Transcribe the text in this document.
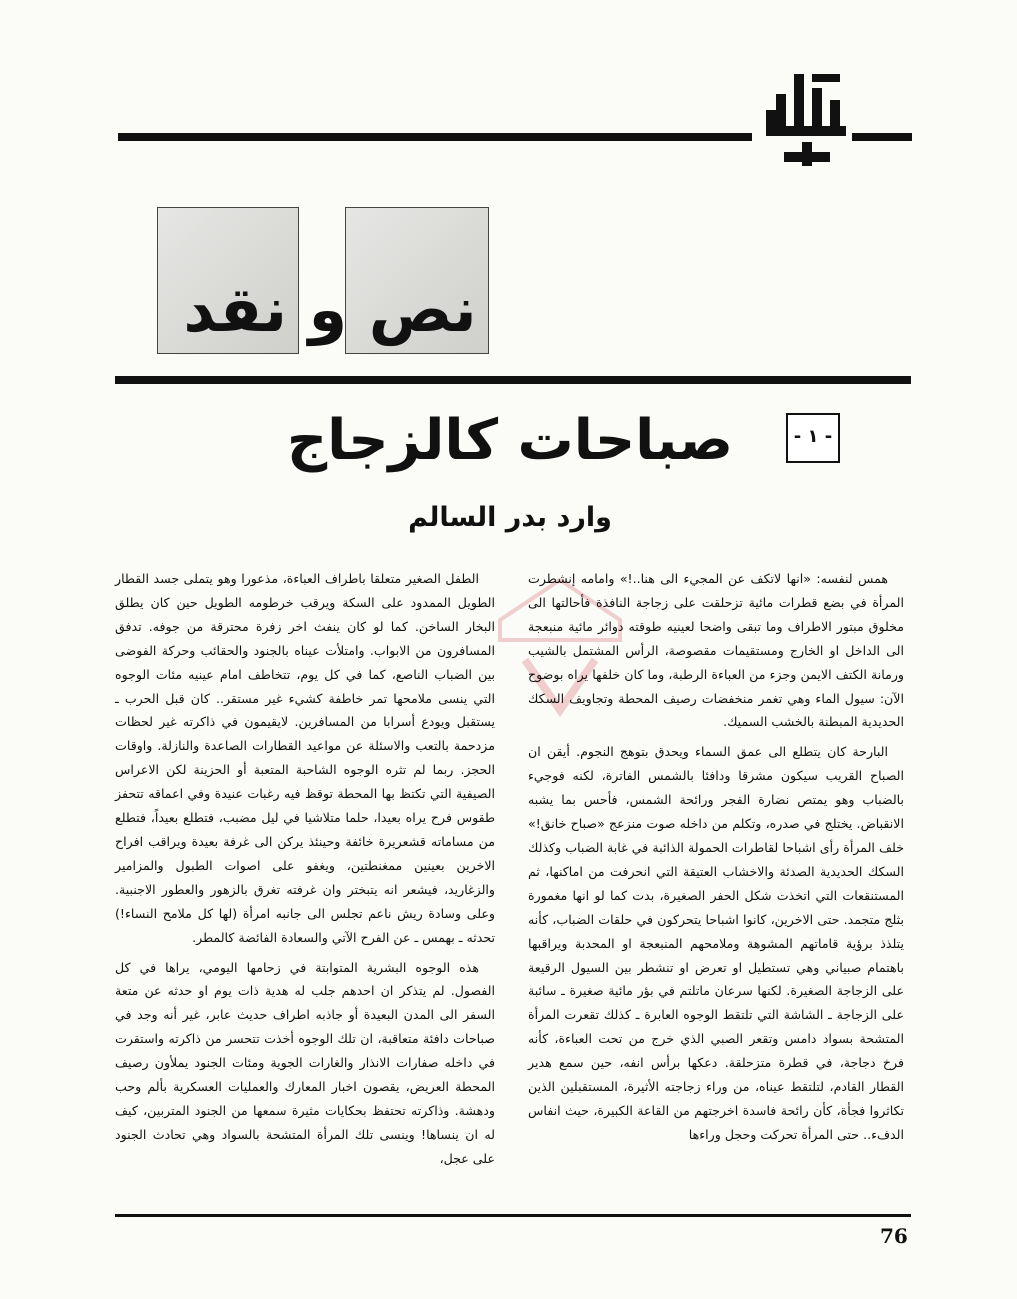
نص و نقد
- ١ -
صباحات كالزجاج
وارد بدر السالم

همس لنفسه: «انها لاتكف عن المجيء الى هنا..!» وامامه إنشطرت المرأة في بضع قطرات مائية تزحلقت على زجاجة النافذة فأحالتها الى مخلوق مبتور الاطراف وما تبقى واضحا لعينيه طوقته دوائر مائية منبعجة الى الداخل او الخارج ومستقيمات مقصوصة، الرأس المشتمل بالشيب ورمانة الكتف الايمن وجزء من العباءة الرطبة، وما كان خلفها يراه بوضوح الآن: سيول الماء وهي تغمر منخفضات رصيف المحطة وتجاويف السكك الحديدية المبطنة بالخشب السميك.

البارحة كان يتطلع الى عمق السماء ويحدق بتوهج النجوم. أيقن ان الصباح القريب سيكون مشرقا ودافئا بالشمس الفاترة، لكنه فوجيء بالضباب وهو يمتص نضارة الفجر ورائحة الشمس، فأحس بما يشبه الانقباض. يختلج في صدره، وتكلم من داخله صوت منزعج «صباح خانق!» خلف المرأة رأى اشباحا لقاطرات الحمولة الذائبة في غابة الضباب وكذلك السكك الحديدية الصدئة والاخشاب العتيقة التي انحرفت من اماكنها، ثم المستنقعات التي اتخذت شكل الحفر الصغيرة، بدت كما لو انها مغمورة بثلج متجمد. حتى الاخرين، كانوا اشباحا يتحركون في حلقات الضباب، كأنه يتلذذ برؤية قاماتهم المشوهة وملامحهم المنبعجة او المحدبة ويراقبها باهتمام صبياني وهي تستطيل او تعرض او تنشطر بين السيول الرقيعة على الزجاجة الصغيرة. لكنها سرعان ماتلتم في بؤر مائية صغيرة ـ سائبة على الزجاجة ـ الشاشة التي تلتقط الوجوه العابرة ـ كذلك تقعرت المرأة المتشحة بسواد دامس وتقعر الصبي الذي خرج من تحت العباءة، كأنه فرخ دجاجة، في قطرة متزحلقة. دعكها برأس انفه، حين سمع هدير القطار القادم، لتلتقط عيناه، من وراء زجاجته الأثيرة، المستقبلين الذين تكاثروا فجأة، كأن رائحة فاسدة اخرجتهم من القاعة الكبيرة، حيث انفاس الدفء.. حتى المرأة تحركت وحجل وراءها

الطفل الصغير متعلقا باطراف العباءة، مذعورا وهو يتملى جسد القطار الطويل الممدود على السكة ويرقب خرطومه الطويل حين كان يطلق البخار الساخن. كما لو كان ينفث اخر زفرة محترقة من جوفه. تدفق المسافرون من الابواب. وامتلأت عيناه بالجنود والحقائب وحركة الفوضى بين الضباب الناصع، كما في كل يوم، تتخاطف امام عينيه مئات الوجوه التي ينسى ملامحها تمر خاطفة كشيء غير مستقر.. كان قبل الحرب ـ يستقبل ويودع أسرابا من المسافرين. لايقيمون في ذاكرته غير لحظات مزدحمة بالتعب والاسئلة عن مواعيد القطارات الصاعدة والنازلة. واوقات الحجز. ربما لم تثره الوجوه الشاحبة المتعبة أو الحزينة لكن الاعراس الصيفية التي تكتظ بها المحطة توقظ فيه رغبات عنيدة وفي اعماقه تتحفز طقوس فرح يراه بعيدا، حلما متلاشيا في ليل مضبب، فتطلع بعيداً، فتطلع من مساماته قشعريرة خائفة وحينئذ يركن الى غرفة بعيدة ويراقب افراح الاخرين بعينين ممغنطتين، ويغفو على اصوات الطبول والمزامير والزغاريد، فيشعر انه يتبختر وان غرفته تغرق بالزهور والعطور الاجنبية. وعلى وسادة ريش ناعم تجلس الى جانبه امرأة (لها كل ملامح النساء!) تحدثه ـ بهمس ـ عن الفرح الآتي والسعادة الفائضة كالمطر.

هذه الوجوه البشرية المتوابتة في زحامها اليومي، يراها في كل الفصول. لم يتذكر ان احدهم جلب له هدية ذات يوم او حدثه عن متعة السفر الى المدن البعيدة أو جاذبه اطراف حديث عابر، غير أنه وجد في صباحات دافئة متعاقبة، ان تلك الوجوه أخذت تتحسر من ذاكرته واستقرت في داخله صفارات الانذار والغارات الجوية ومئات الجنود يملأون رصيف المحطة العريض، يقصون اخبار المعارك والعمليات العسكرية بألم وحب ودهشة. وذاكرته تحتفظ بحكايات مثيرة سمعها من الجنود المتربين، كيف له ان ينساها! وينسى تلك المرأة المتشحة بالسواد وهي تحادث الجنود على عجل،

76
